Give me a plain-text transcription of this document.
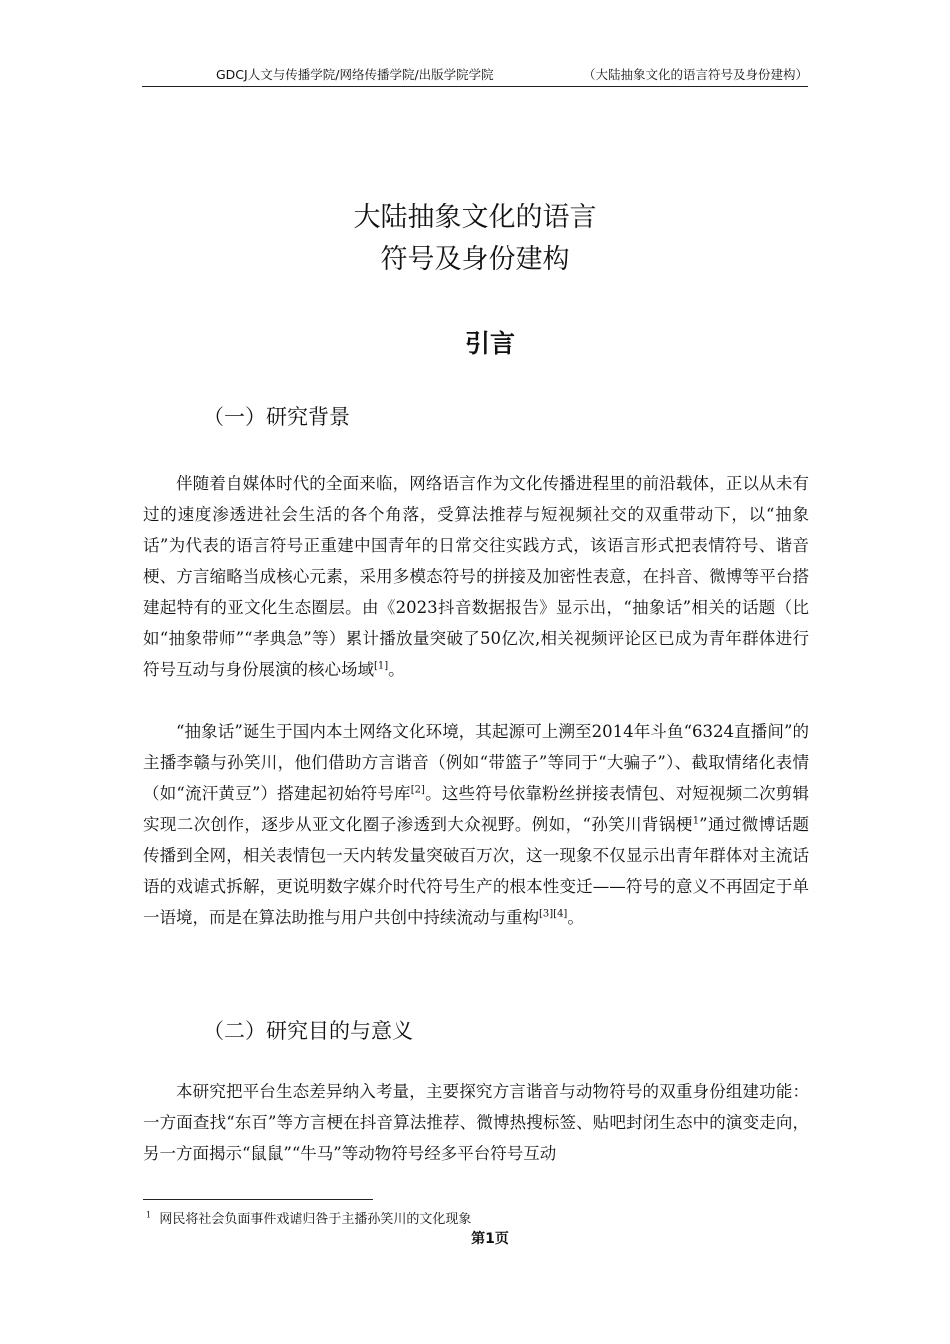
GDCJ人文与传播学院/网络传播学院/出版学院学院	（大陆抽象文化的语言符号及身份建构）
大陆抽象文化的语言
符号及身份建构
引言
（一）研究背景

伴随着自媒体时代的全面来临，网络语言作为文化传播进程里的前沿载体，正以从未有过的速度渗透进社会生活的各个角落，受算法推荐与短视频社交的双重带动下，以“抽象话”为代表的语言符号正重建中国青年的日常交往实践方式，该语言形式把表情符号、谐音梗、方言缩略当成核心元素，采用多模态符号的拼接及加密性表意，在抖音、微博等平台搭建起特有的亚文化生态圈层。由《2023抖音数据报告》显示出，“抽象话”相关的话题（比如“抽象带师”“孝典急”等）累计播放量突破了50亿次,相关视频评论区已成为青年群体进行符号互动与身份展演的核心场域[1]。

“抽象话”诞生于国内本土网络文化环境，其起源可上溯至2014年斗鱼“6324直播间”的主播李赣与孙笑川，他们借助方言谐音（例如“带篮子”等同于“大骗子”）、截取情绪化表情（如“流汗黄豆”）搭建起初始符号库[2]。这些符号依靠粉丝拼接表情包、对短视频二次剪辑实现二次创作，逐步从亚文化圈子渗透到大众视野。例如，“孙笑川背锅梗$^1$”通过微博话题传播到全网，相关表情包一天内转发量突破百万次，这一现象不仅显示出青年群体对主流话语的戏谑式拆解，更说明数字媒介时代符号生产的根本性变迁——符号的意义不再固定于单一语境，而是在算法助推与用户共创中持续流动与重构[3][4]。

（二）研究目的与意义

本研究把平台生态差异纳入考量，主要探究方言谐音与动物符号的双重身份组建功能：一方面查找“东百”等方言梗在抖音算法推荐、微博热搜标签、贴吧封闭生态中的演变走向，另一方面揭示“鼠鼠”“牛马”等动物符号经多平台符号互动

$^1$ 网民将社会负面事件戏谑归咎于主播孙笑川的文化现象
第1页
